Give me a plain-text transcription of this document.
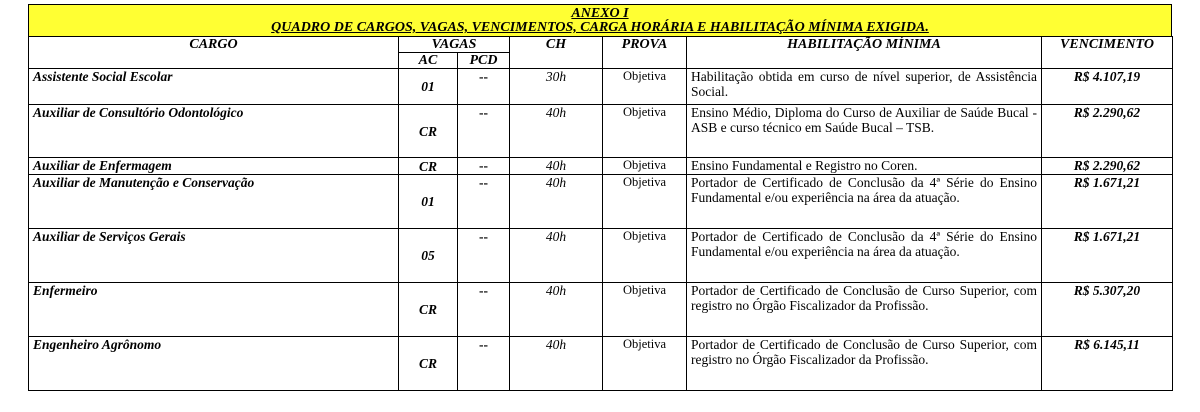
ANEXO I
QUADRO DE CARGOS, VAGAS, VENCIMENTOS, CARGA HORÁRIA E HABILITAÇÃO MÍNIMA EXIGIDA.
CARGO	VAGAS		CH	PROVA	HABILITAÇÃO MÍNIMA	VENCIMENTO
	AC	PCD				
Assistente Social Escolar	01	--	30h	Objetiva	Habilitação obtida em curso de nível superior, de Assistência Social.	R$ 4.107,19
Auxiliar de Consultório Odontológico	CR	--	40h	Objetiva	Ensino Médio, Diploma do Curso de Auxiliar de Saúde Bucal - ASB e curso técnico em Saúde Bucal – TSB.	R$ 2.290,62
Auxiliar de Enfermagem	CR	--	40h	Objetiva	Ensino Fundamental e Registro no Coren.	R$ 2.290,62
Auxiliar de Manutenção e Conservação	01	--	40h	Objetiva	Portador de Certificado de Conclusão da 4ª Série do Ensino Fundamental e/ou experiência na área da atuação.	R$ 1.671,21
Auxiliar de Serviços Gerais	05	--	40h	Objetiva	Portador de Certificado de Conclusão da 4ª Série do Ensino Fundamental e/ou experiência na área da atuação.	R$ 1.671,21
Enfermeiro	CR	--	40h	Objetiva	Portador de Certificado de Conclusão de Curso Superior, com registro no Órgão Fiscalizador da Profissão.	R$ 5.307,20
Engenheiro Agrônomo	CR	--	40h	Objetiva	Portador de Certificado de Conclusão de Curso Superior, com registro no Órgão Fiscalizador da Profissão.	R$ 6.145,11
